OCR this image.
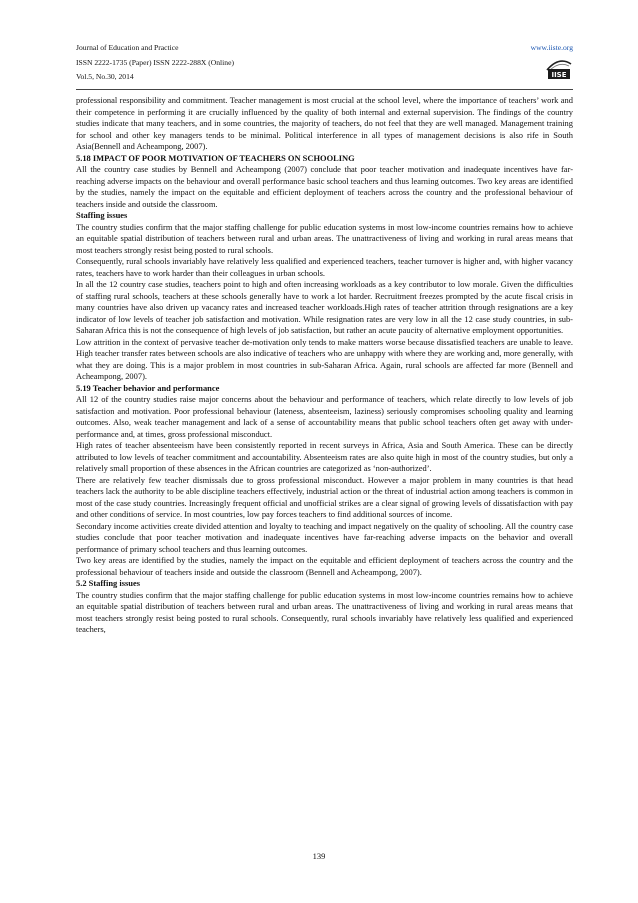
Journal of Education and Practice
ISSN 2222-1735 (Paper) ISSN 2222-288X (Online)
Vol.5, No.30, 2014
www.iiste.org
IISE

professional responsibility and commitment. Teacher management is most crucial at the school level, where the importance of teachers’ work and their competence in performing it are crucially influenced by the quality of both internal and external supervision. The findings of the country studies indicate that many teachers, and in some countries, the majority of teachers, do not feel that they are well managed. Management training for school and other key managers tends to be minimal. Political interference in all types of management decisions is also rife in South Asia(Bennell and Acheampong, 2007).

5.18 IMPACT OF POOR MOTIVATION OF TEACHERS ON SCHOOLING

All the country case studies by Bennell and Acheampong (2007) conclude that poor teacher motivation and inadequate incentives have far-reaching adverse impacts on the behaviour and overall performance basic school teachers and thus learning outcomes. Two key areas are identified by the studies, namely the impact on the equitable and efficient deployment of teachers across the country and the professional behaviour of teachers inside and outside the classroom.

Staffing issues

The country studies confirm that the major staffing challenge for public education systems in most low-income countries remains how to achieve an equitable spatial distribution of teachers between rural and urban areas. The unattractiveness of living and working in rural areas means that most teachers strongly resist being posted to rural schools.

Consequently, rural schools invariably have relatively less qualified and experienced teachers, teacher turnover is higher and, with higher vacancy rates, teachers have to work harder than their colleagues in urban schools.

In all the 12 country case studies, teachers point to high and often increasing workloads as a key contributor to low morale. Given the difficulties of staffing rural schools, teachers at these schools generally have to work a lot harder. Recruitment freezes prompted by the acute fiscal crisis in many countries have also driven up vacancy rates and increased teacher workloads.High rates of teacher attrition through resignations are a key indicator of low levels of teacher job satisfaction and motivation. While resignation rates are very low in all the 12 case study countries, in sub-Saharan Africa this is not the consequence of high levels of job satisfaction, but rather an acute paucity of alternative employment opportunities.

Low attrition in the context of pervasive teacher de-motivation only tends to make matters worse because dissatisfied teachers are unable to leave. High teacher transfer rates between schools are also indicative of teachers who are unhappy with where they are working and, more generally, with what they are doing. This is a major problem in most countries in sub-Saharan Africa. Again, rural schools are affected far more (Bennell and Acheampong, 2007).

5.19 Teacher behavior and performance

All 12 of the country studies raise major concerns about the behaviour and performance of teachers, which relate directly to low levels of job satisfaction and motivation. Poor professional behaviour (lateness, absenteeism, laziness) seriously compromises schooling quality and learning outcomes. Also, weak teacher management and lack of a sense of accountability means that public school teachers often get away with under-performance and, at times, gross professional misconduct.

High rates of teacher absenteeism have been consistently reported in recent surveys in Africa, Asia and South America. These can be directly attributed to low levels of teacher commitment and accountability. Absenteeism rates are also quite high in most of the country studies, but only a relatively small proportion of these absences in the African countries are categorized as ‘non-authorized’.

There are relatively few teacher dismissals due to gross professional misconduct. However a major problem in many countries is that head teachers lack the authority to be able discipline teachers effectively, industrial action or the threat of industrial action among teachers is common in most of the case study countries. Increasingly frequent official and unofficial strikes are a clear signal of growing levels of dissatisfaction with pay and other conditions of service. In most countries, low pay forces teachers to find additional sources of income.

Secondary income activities create divided attention and loyalty to teaching and impact negatively on the quality of schooling. All the country case studies conclude that poor teacher motivation and inadequate incentives have far-reaching adverse impacts on the behavior and overall performance of primary school teachers and thus learning outcomes.

Two key areas are identified by the studies, namely the impact on the equitable and efficient deployment of teachers across the country and the professional behaviour of teachers inside and outside the classroom (Bennell and Acheampong, 2007).

5.2 Staffing issues

The country studies confirm that the major staffing challenge for public education systems in most low-income countries remains how to achieve an equitable spatial distribution of teachers between rural and urban areas. The unattractiveness of living and working in rural areas means that most teachers strongly resist being posted to rural schools. Consequently, rural schools invariably have relatively less qualified and experienced teachers,

139
